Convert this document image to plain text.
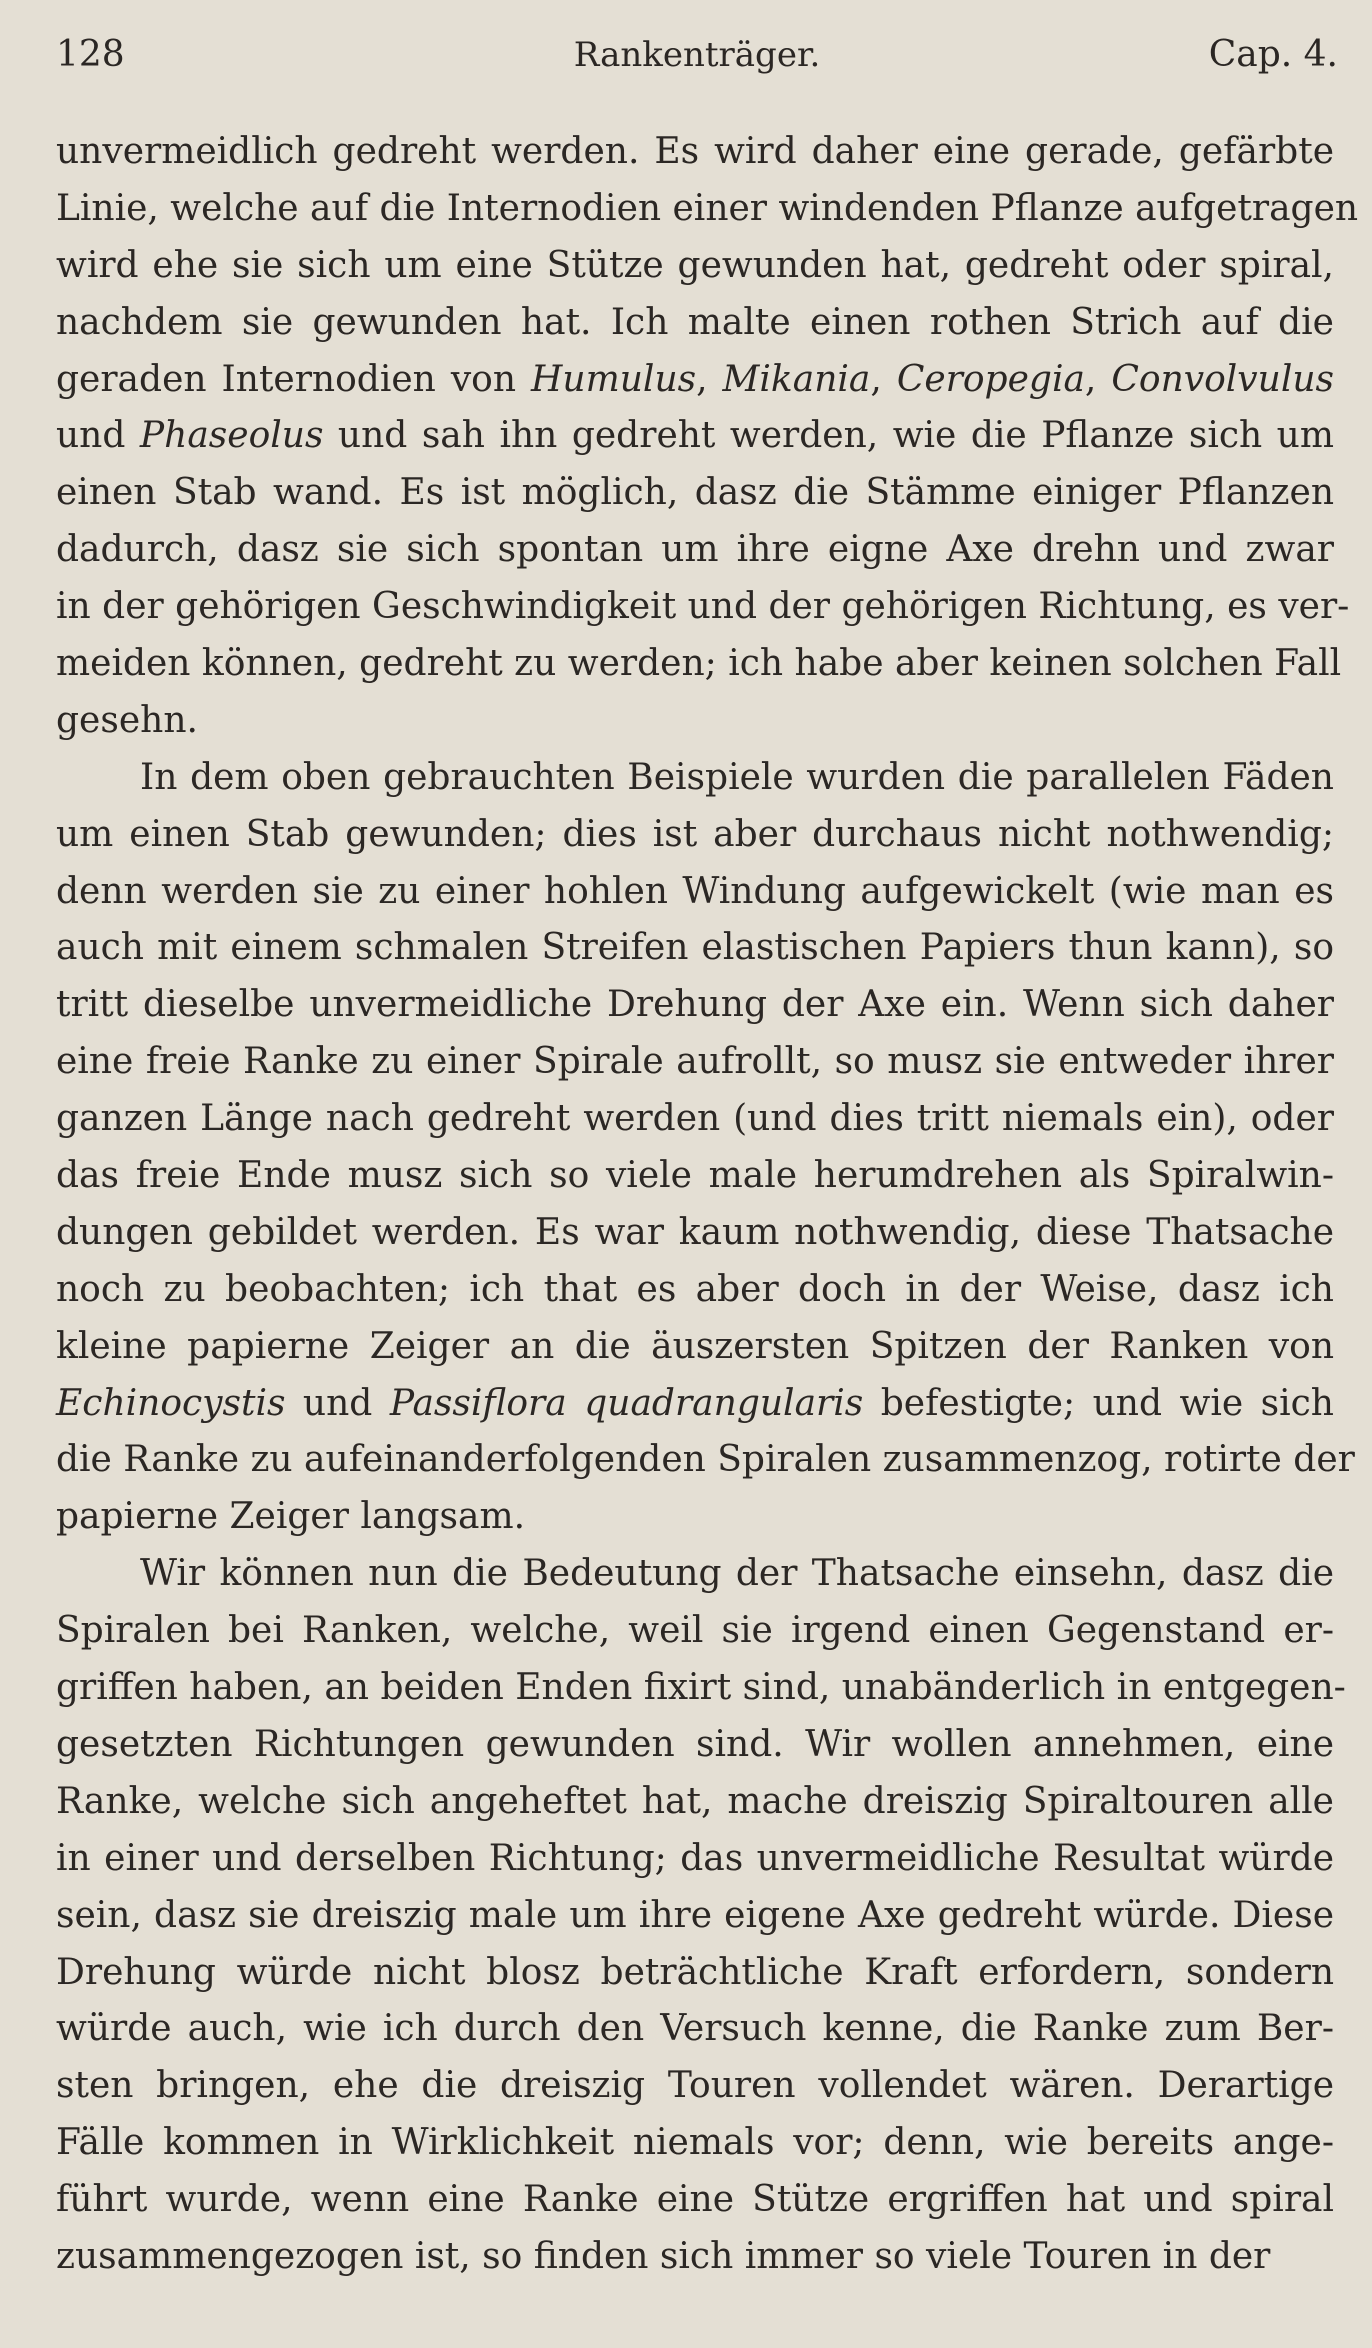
128	Rankenträger.	Cap. 4.
unvermeidlich gedreht werden. Es wird daher eine gerade, gefärbte
Linie, welche auf die Internodien einer windenden Pflanze aufgetragen
wird ehe sie sich um eine Stütze gewunden hat, gedreht oder spiral,
nachdem sie gewunden hat. Ich malte einen rothen Strich auf die
geraden Internodien von Humulus, Mikania, Ceropegia, Convolvulus
und Phaseolus und sah ihn gedreht werden, wie die Pflanze sich um
einen Stab wand. Es ist möglich, dasz die Stämme einiger Pflanzen
dadurch, dasz sie sich spontan um ihre eigne Axe drehn und zwar
in der gehörigen Geschwindigkeit und der gehörigen Richtung, es ver-
meiden können, gedreht zu werden; ich habe aber keinen solchen Fall
gesehn.
In dem oben gebrauchten Beispiele wurden die parallelen Fäden
um einen Stab gewunden; dies ist aber durchaus nicht nothwendig;
denn werden sie zu einer hohlen Windung aufgewickelt (wie man es
auch mit einem schmalen Streifen elastischen Papiers thun kann), so
tritt dieselbe unvermeidliche Drehung der Axe ein. Wenn sich daher
eine freie Ranke zu einer Spirale aufrollt, so musz sie entweder ihrer
ganzen Länge nach gedreht werden (und dies tritt niemals ein), oder
das freie Ende musz sich so viele male herumdrehen als Spiralwin-
dungen gebildet werden. Es war kaum nothwendig, diese Thatsache
noch zu beobachten; ich that es aber doch in der Weise, dasz ich
kleine papierne Zeiger an die äuszersten Spitzen der Ranken von
Echinocystis und Passiflora quadrangularis befestigte; und wie sich
die Ranke zu aufeinanderfolgenden Spiralen zusammenzog, rotirte der
papierne Zeiger langsam.
Wir können nun die Bedeutung der Thatsache einsehn, dasz die
Spiralen bei Ranken, welche, weil sie irgend einen Gegenstand er-
griffen haben, an beiden Enden fixirt sind, unabänderlich in entgegen-
gesetzten Richtungen gewunden sind. Wir wollen annehmen, eine
Ranke, welche sich angeheftet hat, mache dreiszig Spiraltouren alle
in einer und derselben Richtung; das unvermeidliche Resultat würde
sein, dasz sie dreiszig male um ihre eigene Axe gedreht würde. Diese
Drehung würde nicht blosz beträchtliche Kraft erfordern, sondern
würde auch, wie ich durch den Versuch kenne, die Ranke zum Ber-
sten bringen, ehe die dreiszig Touren vollendet wären. Derartige
Fälle kommen in Wirklichkeit niemals vor; denn, wie bereits ange-
führt wurde, wenn eine Ranke eine Stütze ergriffen hat und spiral
zusammengezogen ist, so finden sich immer so viele Touren in der
